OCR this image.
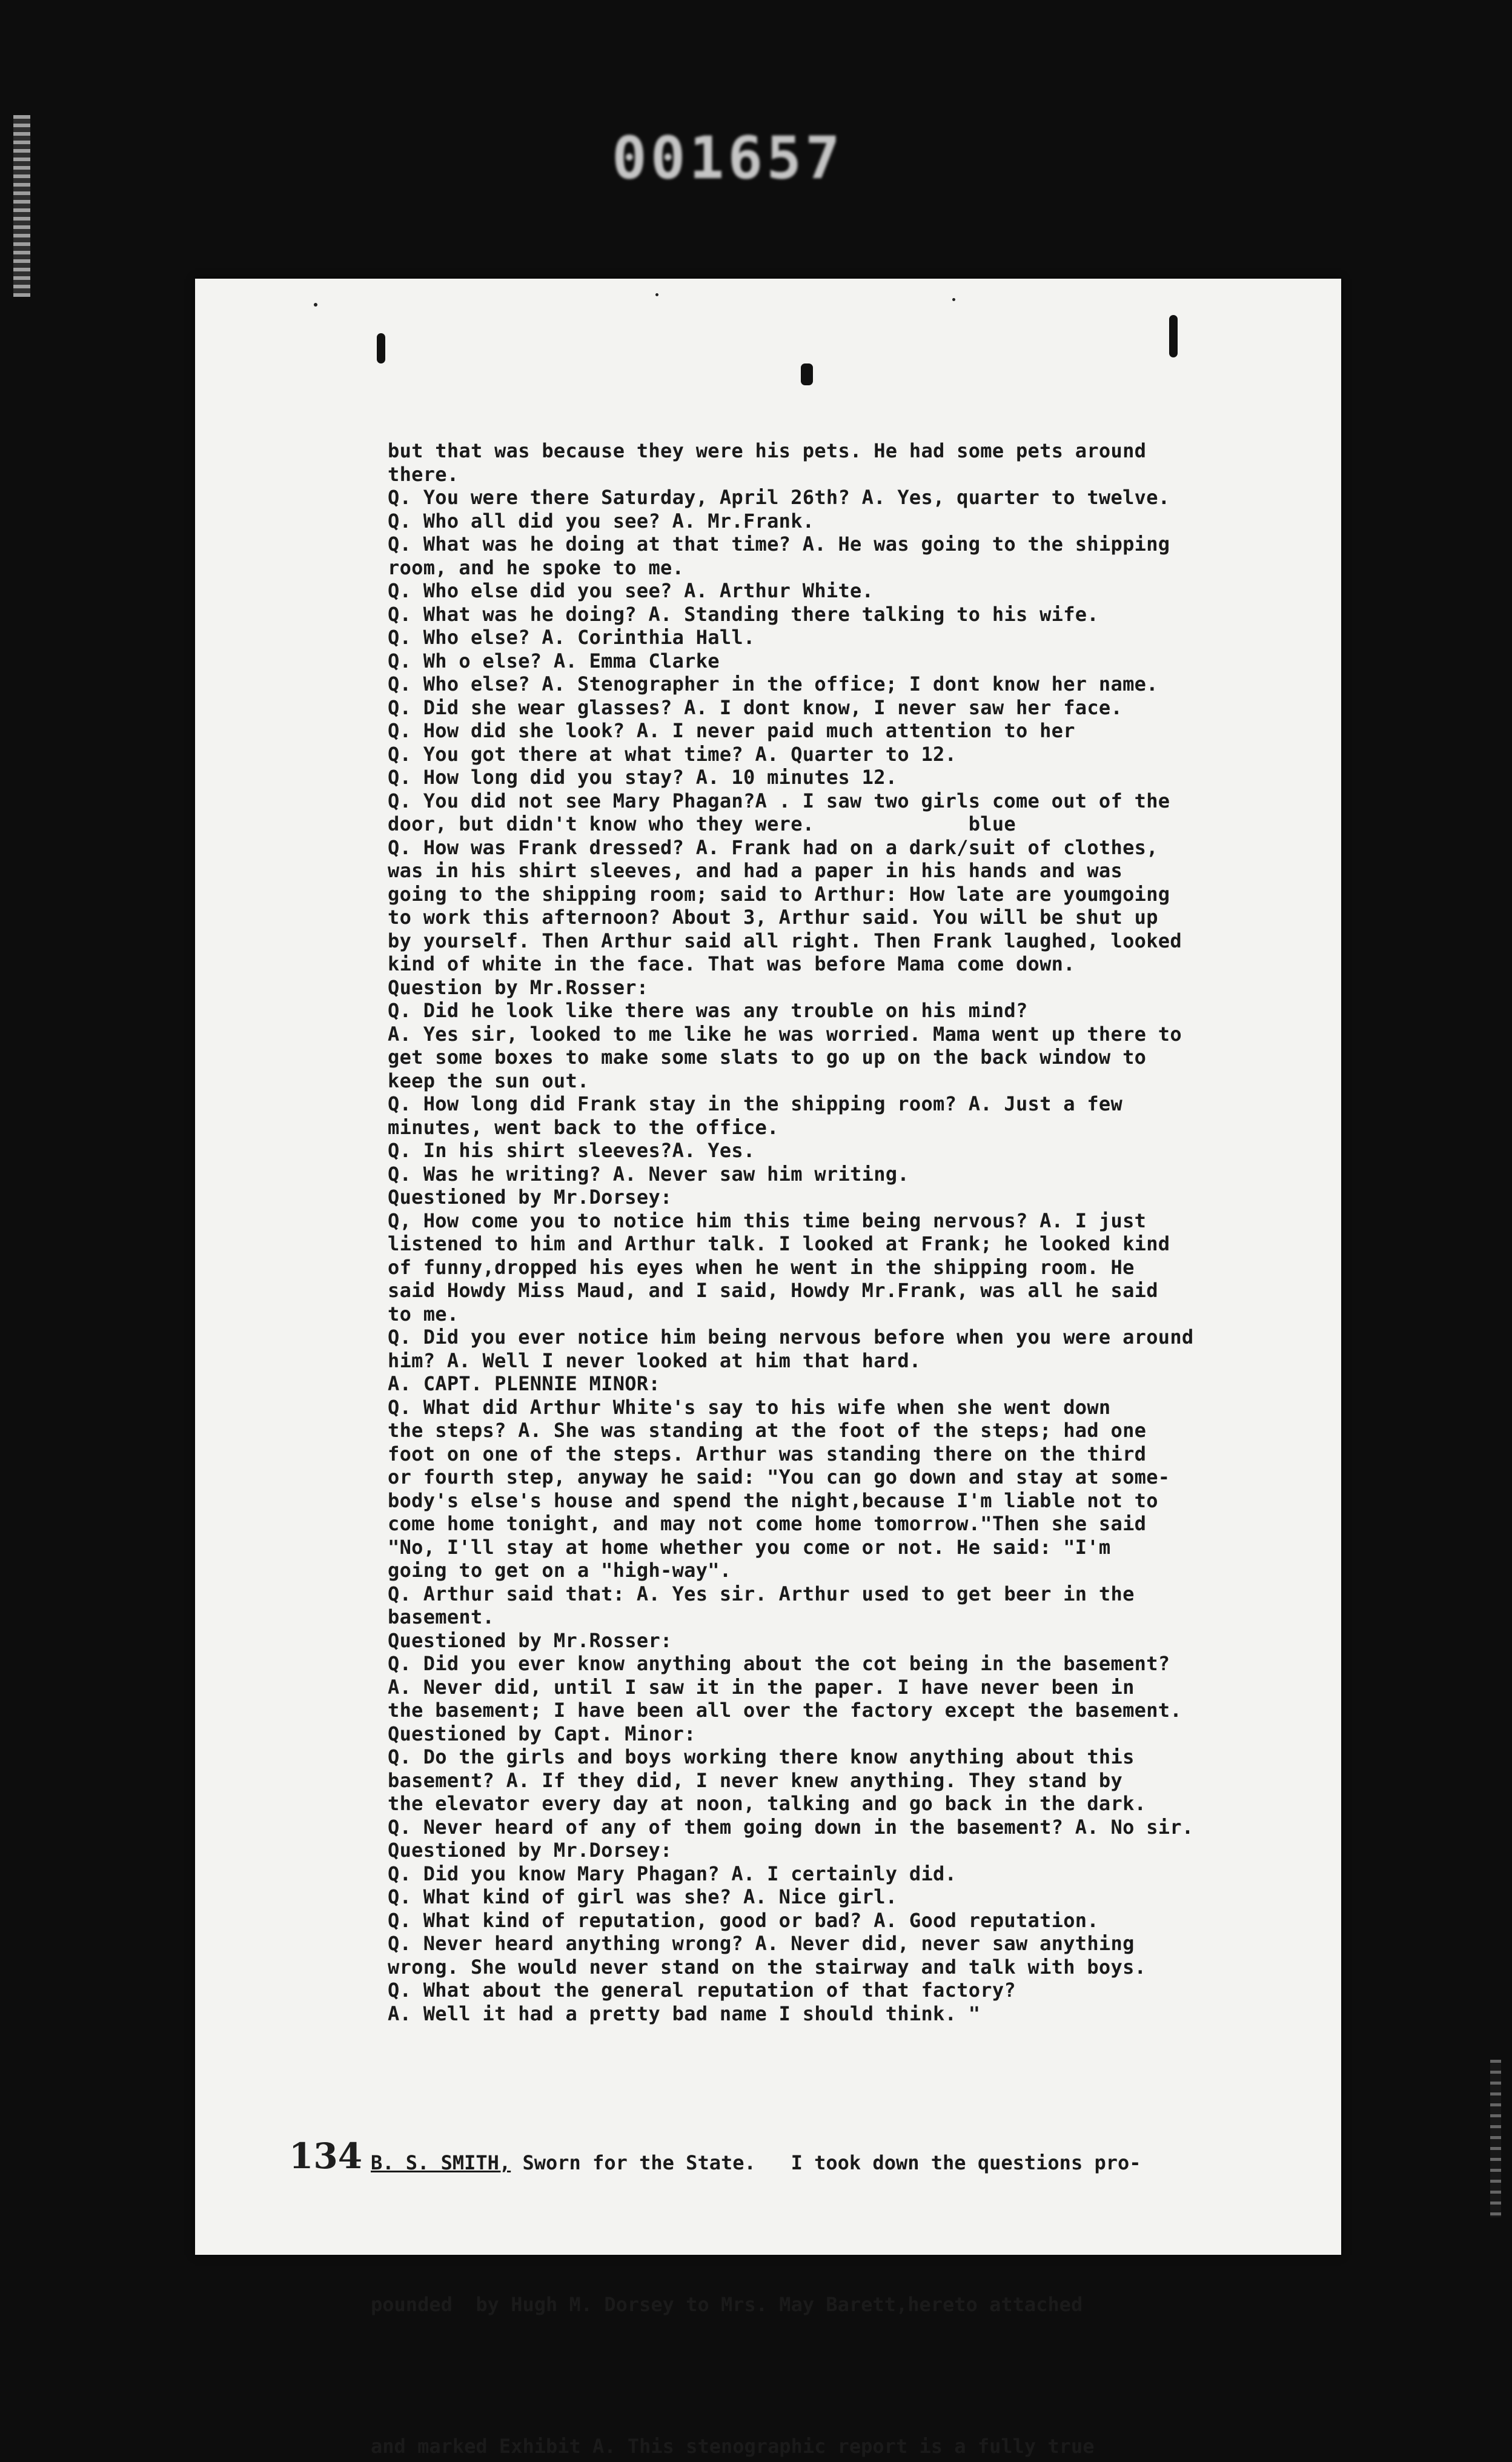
001657
but that was because they were his pets. He had some pets around
there.
Q. You were there Saturday, April 26th? A. Yes, quarter to twelve.
Q. Who all did you see? A. Mr.Frank.
Q. What was he doing at that time? A. He was going to the shipping
room, and he spoke to me.
Q. Who else did you see? A. Arthur White.
Q. What was he doing? A. Standing there talking to his wife.
Q. Who else? A. Corinthia Hall.
Q. Wh o else? A. Emma Clarke
Q. Who else? A. Stenographer in the office; I dont know her name.
Q. Did she wear glasses? A. I dont know, I never saw her face.
Q. How did she look? A. I never paid much attention to her
Q. You got there at what time? A. Quarter to 12.
Q. How long did you stay? A. 10 minutes 12.
Q. You did not see Mary Phagan?A . I saw two girls come out of the
door, but didn't know who they were.             blue
Q. How was Frank dressed? A. Frank had on a dark/suit of clothes,
was in his shirt sleeves, and had a paper in his hands and was
going to the shipping room; said to Arthur: How late are youmgoing
to work this afternoon? About 3, Arthur said. You will be shut up
by yourself. Then Arthur said all right. Then Frank laughed, looked
kind of white in the face. That was before Mama come down.
Question by Mr.Rosser:
Q. Did he look like there was any trouble on his mind?
A. Yes sir, looked to me like he was worried. Mama went up there to
get some boxes to make some slats to go up on the back window to
keep the sun out.
Q. How long did Frank stay in the shipping room? A. Just a few
minutes, went back to the office.
Q. In his shirt sleeves?A. Yes.
Q. Was he writing? A. Never saw him writing.
Questioned by Mr.Dorsey:
Q, How come you to notice him this time being nervous? A. I just
listened to him and Arthur talk. I looked at Frank; he looked kind
of funny,dropped his eyes when he went in the shipping room. He
said Howdy Miss Maud, and I said, Howdy Mr.Frank, was all he said
to me.
Q. Did you ever notice him being nervous before when you were around
him? A. Well I never looked at him that hard.
A. CAPT. PLENNIE MINOR:
Q. What did Arthur White's say to his wife when she went down
the steps? A. She was standing at the foot of the steps; had one
foot on one of the steps. Arthur was standing there on the third
or fourth step, anyway he said: "You can go down and stay at some-
body's else's house and spend the night,because I'm liable not to
come home tonight, and may not come home tomorrow."Then she said
"No, I'll stay at home whether you come or not. He said: "I'm
going to get on a "high-way".
Q. Arthur said that: A. Yes sir. Arthur used to get beer in the
basement.
Questioned by Mr.Rosser:
Q. Did you ever know anything about the cot being in the basement?
A. Never did, until I saw it in the paper. I have never been in
the basement; I have been all over the factory except the basement.
Questioned by Capt. Minor:
Q. Do the girls and boys working there know anything about this
basement? A. If they did, I never knew anything. They stand by
the elevator every day at noon, talking and go back in the dark.
Q. Never heard of any of them going down in the basement? A. No sir.
Questioned by Mr.Dorsey:
Q. Did you know Mary Phagan? A. I certainly did.
Q. What kind of girl was she? A. Nice girl.
Q. What kind of reputation, good or bad? A. Good reputation.
Q. Never heard anything wrong? A. Never did, never saw anything
wrong. She would never stand on the stairway and talk with boys.
Q. What about the general reputation of that factory?
A. Well it had a pretty bad name I should think. "

B. S. SMITH, Sworn for the State.   I took down the questions pro-

pounded  by Hugh M. Dorsey to Mrs. May Barett,hereto attached

and marked Exhibit A. This stenographic report is a fully true

134
